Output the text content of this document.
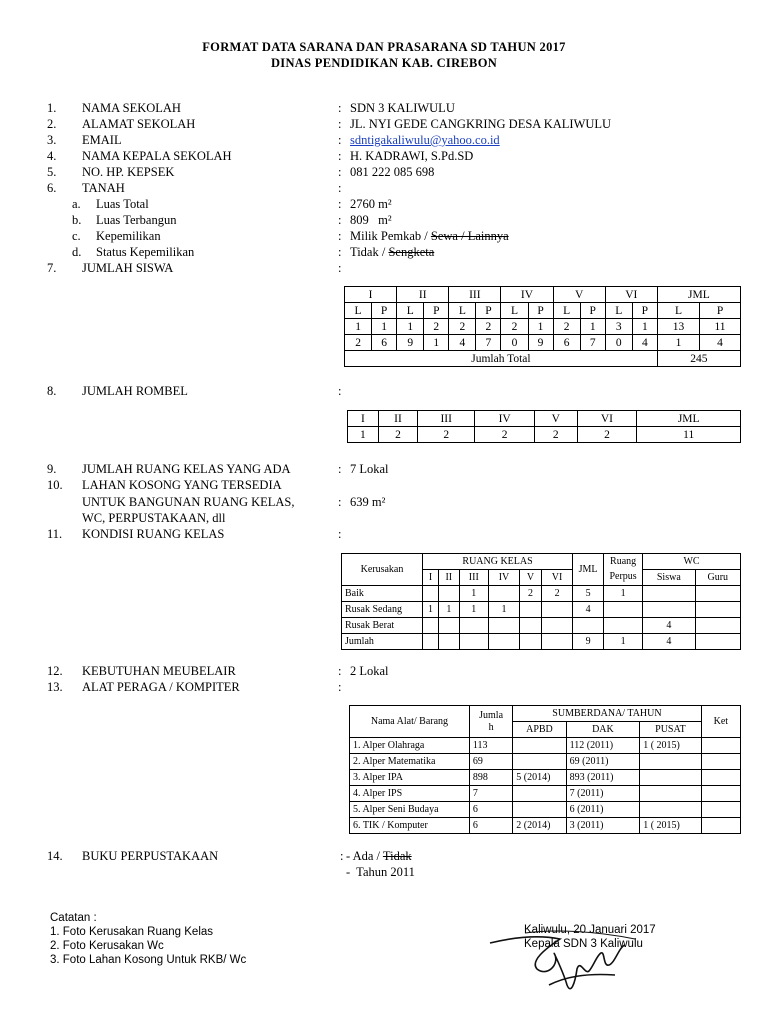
FORMAT DATA SARANA DAN PRASARANA SD TAHUN 2017
DINAS PENDIDIKAN KAB. CIREBON
1. NAMA SEKOLAH	: SDN 3 KALIWULU
2. ALAMAT SEKOLAH	: JL. NYI GEDE CANGKRING DESA KALIWULU
3. EMAIL	: sdntigakaliwulu@yahoo.co.id
4. NAMA KEPALA SEKOLAH	: H. KADRAWI, S.Pd.SD
5. NO. HP. KEPSEK	: 081 222 085 698
6. TANAH	:
a. Luas Total	: 2760 m²
b. Luas Terbangun	: 809   m²
c. Kepemilikan	: Milik Pemkab / Sewa / Lainnya
d. Status Kepemilikan	: Tidak / Sengketa
7. JUMLAH SISWA	:
I		II		III		IV		V		VI		JML	
L	P	L	P	L	P	L	P	L	P	L	P	L	P
1	1	1	2	2	2	2	1	2	1	3	1	13	11
2	6	9	1	4	7	0	9	6	7	0	4	1	4
Jumlah Total												245	
8. JUMLAH ROMBEL	:
I	II	III	IV	V	VI	JML
1	2	2	2	2	2	11
9. JUMLAH RUANG KELAS YANG ADA	: 7 Lokal
10. LAHAN KOSONG YANG TERSEDIA
UNTUK BANGUNAN RUANG KELAS,	: 639 m²
WC, PERPUSTAKAAN, dll
11. KONDISI RUANG KELAS	:
Kerusakan	RUANG KELAS						JML	Ruang	WC	
	I	II	III	IV	V	VI		Perpus	Siswa	Guru
Baik			1		2	2	5	1		
Rusak Sedang	1	1	1	1			4			
Rusak Berat									4	
Jumlah							9	1	4	
12. KEBUTUHAN MEUBELAIR	: 2 Lokal
13. ALAT PERAGA / KOMPITER	:
Nama Alat/ Barang	Jumla
h	SUMBERDANA/ TAHUN			Ket
		APBD	DAK	PUSAT	
1. Alper Olahraga	113		112 (2011)	1 ( 2015)	
2. Alper Matematika	69		69 (2011)		
3. Alper IPA	898	5 (2014)	893 (2011)		
4. Alper IPS	7		7 (2011)		
5. Alper Seni Budaya	6		6 (2011)		
6. TIK / Komputer	6	2 (2014)	3 (2011)	1 ( 2015)	
14. BUKU PERPUSTAKAAN	: - Ada / Tidak
-  Tahun 2011
Catatan :
1. Foto Kerusakan Ruang Kelas
2. Foto Kerusakan Wc
3. Foto Lahan Kosong Untuk RKB/ Wc
Kaliwulu, 20 Januari 2017
Kepala SDN 3 Kaliwulu
